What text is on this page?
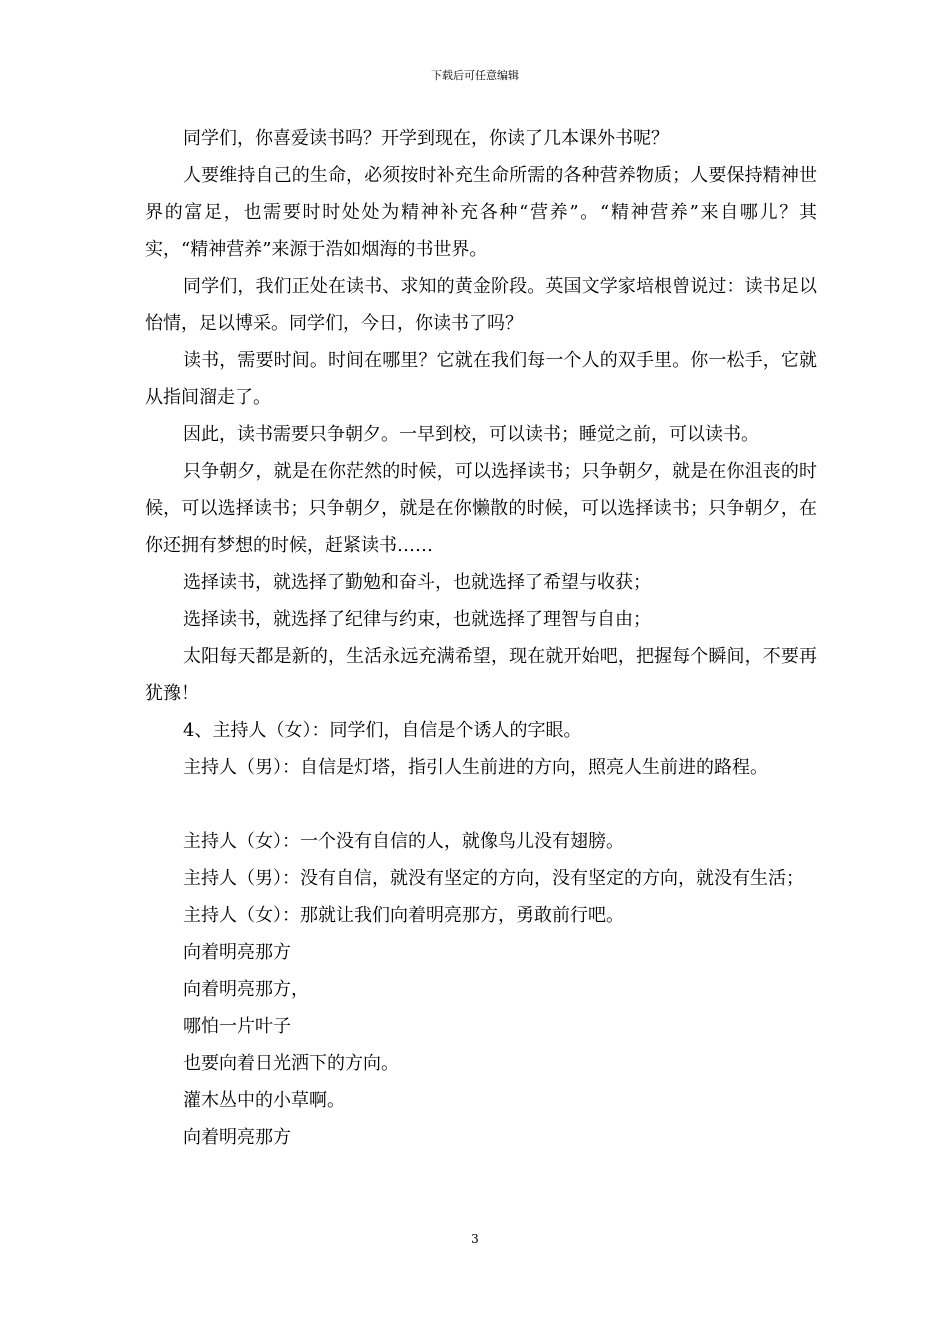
下载后可任意编辑

同学们，你喜爱读书吗？开学到现在，你读了几本课外书呢？

人要维持自己的生命，必须按时补充生命所需的各种营养物质；人要保持精神世界的富足，也需要时时处处为精神补充各种“营养”。“精神营养”来自哪儿？其实，“精神营养”来源于浩如烟海的书世界。

同学们，我们正处在读书、求知的黄金阶段。英国文学家培根曾说过：读书足以怡情，足以博采。同学们，今日，你读书了吗？

读书，需要时间。时间在哪里？它就在我们每一个人的双手里。你一松手，它就从指间溜走了。

因此，读书需要只争朝夕。一早到校，可以读书；睡觉之前，可以读书。

只争朝夕，就是在你茫然的时候，可以选择读书；只争朝夕，就是在你沮丧的时候，可以选择读书；只争朝夕，就是在你懒散的时候，可以选择读书；只争朝夕，在你还拥有梦想的时候，赶紧读书……

选择读书，就选择了勤勉和奋斗，也就选择了希望与收获；

选择读书，就选择了纪律与约束，也就选择了理智与自由；

太阳每天都是新的，生活永远充满希望，现在就开始吧，把握每个瞬间，不要再犹豫！

4、主持人（女）：同学们，自信是个诱人的字眼。

主持人（男）：自信是灯塔，指引人生前进的方向，照亮人生前进的路程。

主持人（女）：一个没有自信的人，就像鸟儿没有翅膀。

主持人（男）：没有自信，就没有坚定的方向，没有坚定的方向，就没有生活；

主持人（女）：那就让我们向着明亮那方，勇敢前行吧。

向着明亮那方

向着明亮那方，

哪怕一片叶子

也要向着日光洒下的方向。

灌木丛中的小草啊。

向着明亮那方

3
